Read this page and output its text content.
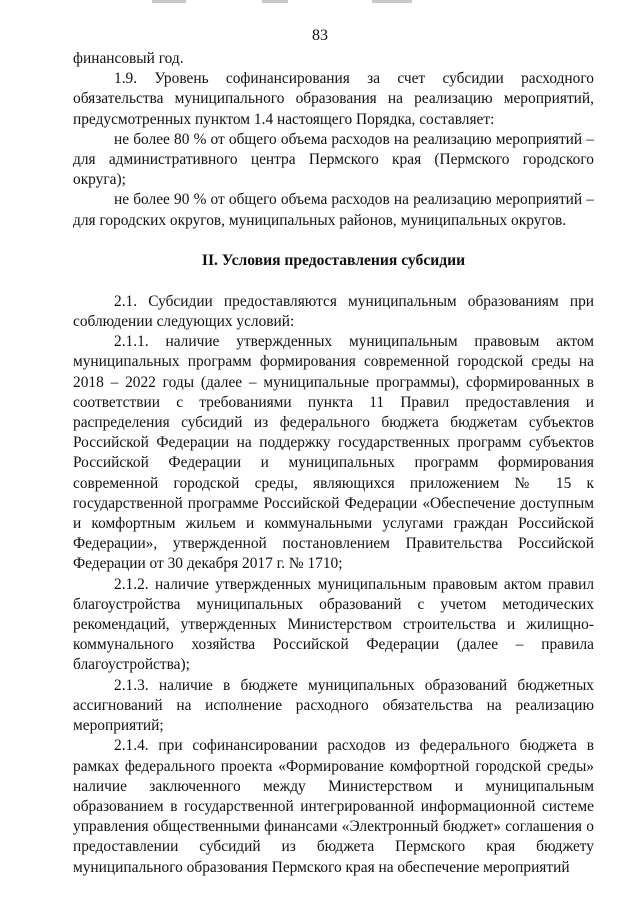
83

финансовый год.

1.9. Уровень софинансирования за счет субсидии расходного обязательства муниципального образования на реализацию мероприятий, предусмотренных пунктом 1.4 настоящего Порядка, составляет:

не более 80 % от общего объема расходов на реализацию мероприятий – для административного центра Пермского края (Пермского городского округа);

не более 90 % от общего объема расходов на реализацию мероприятий – для городских округов, муниципальных районов, муниципальных округов.

II. Условия предоставления субсидии

2.1. Субсидии предоставляются муниципальным образованиям при соблюдении следующих условий:

2.1.1. наличие утвержденных муниципальным правовым актом муниципальных программ формирования современной городской среды на 2018 – 2022 годы (далее – муниципальные программы), сформированных в соответствии с требованиями пункта 11 Правил предоставления и распределения субсидий из федерального бюджета бюджетам субъектов Российской Федерации на поддержку государственных программ субъектов Российской Федерации и муниципальных программ формирования современной городской среды, являющихся приложением № 15 к государственной программе Российской Федерации «Обеспечение доступным и комфортным жильем и коммунальными услугами граждан Российской Федерации», утвержденной постановлением Правительства Российской Федерации от 30 декабря 2017 г. № 1710;

2.1.2. наличие утвержденных муниципальным правовым актом правил благоустройства муниципальных образований с учетом методических рекомендаций, утвержденных Министерством строительства и жилищно-коммунального хозяйства Российской Федерации (далее – правила благоустройства);

2.1.3. наличие в бюджете муниципальных образований бюджетных ассигнований на исполнение расходного обязательства на реализацию мероприятий;

2.1.4. при софинансировании расходов из федерального бюджета в рамках федерального проекта «Формирование комфортной городской среды» наличие заключенного между Министерством и муниципальным образованием в государственной интегрированной информационной системе управления общественными финансами «Электронный бюджет» соглашения о предоставлении субсидий из бюджета Пермского края бюджету муниципального образования Пермского края на обеспечение мероприятий
